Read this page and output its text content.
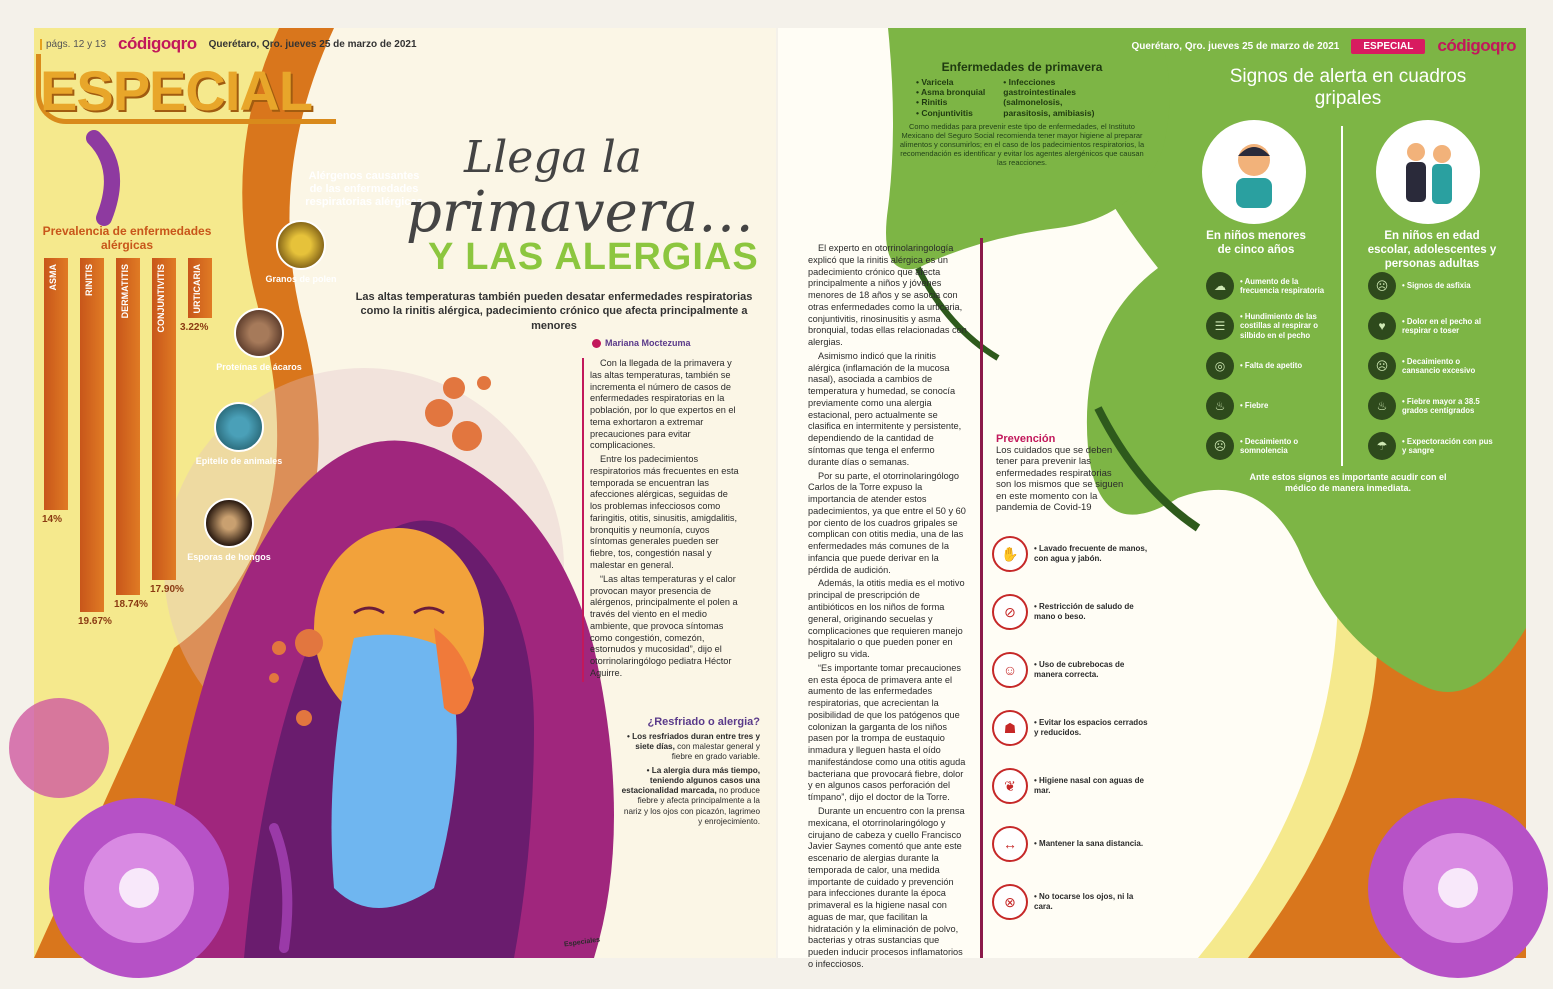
págs. 12 y 13 códigoqro Querétaro, Qro. jueves 25 de marzo de 2021
ESPECIAL
Prevalencia de enfermedades alérgicas
Alérgenos causantes de las enfermedades respiratorias alérgicas
Granos de polen
Proteínas de ácaros
Epitelio de animales
Esporas de hongos
Llega la
primavera…
Y LAS ALERGIAS
Las altas temperaturas también pueden desatar enfermedades respiratorias como la rinitis alérgica, padecimiento crónico que afecta principalmente a menores
Mariana Moctezuma

Con la llegada de la primavera y las altas temperaturas, también se incrementa el número de casos de enfermedades respiratorias en la población, por lo que expertos en el tema exhortaron a extremar precauciones para evitar complicaciones.

Entre los padecimientos respiratorios más frecuentes en esta temporada se encuentran las afecciones alérgicas, seguidas de los problemas infecciosos como faringitis, otitis, sinusitis, amigdalitis, bronquitis y neumonía, cuyos síntomas generales pueden ser fiebre, tos, congestión nasal y malestar en general.

“Las altas temperaturas y el calor provocan mayor presencia de alérgenos, principalmente el polen a través del viento en el medio ambiente, que provoca síntomas como congestión, comezón, estornudos y mucosidad”, dijo el otorrinolaringólogo pediatra Héctor Aguirre.

¿Resfriado o alergia?
• Los resfriados duran entre tres y siete días, con malestar general y fiebre en grado variable.
• La alergia dura más tiempo, teniendo algunos casos una estacionalidad marcada, no produce fiebre y afecta principalmente a la nariz y los ojos con picazón, lagrimeo y enrojecimiento.
Especiales
ASMA
14%
RINITIS
19.67%
DERMATITIS
18.74%
CONJUNTIVITIS
17.90%
URTICARIA
3.22%
Querétaro, Qro. jueves 25 de marzo de 2021	ESPECIAL	códigoqro
Enfermedades de primavera
• Varicela
• Asma bronquial
• Rinitis
• Conjuntivitis
• Infecciones gastrointestinales (salmonelosis, parasitosis, amibiasis)
Como medidas para prevenir este tipo de enfermedades, el Instituto Mexicano del Seguro Social recomienda tener mayor higiene al preparar alimentos y consumirlos; en el caso de los padecimientos respiratorios, la recomendación es identificar y evitar los agentes alergénicos que causan las reacciones.

El experto en otorrinolaringología explicó que la rinitis alérgica es un padecimiento crónico que afecta principalmente a niños y jóvenes menores de 18 años y se asocia con otras enfermedades como la urticaria, conjuntivitis, rinosinusitis y asma bronquial, todas ellas relacionadas con alergias.

Asimismo indicó que la rinitis alérgica (inflamación de la mucosa nasal), asociada a cambios de temperatura y humedad, se conocía previamente como una alergia estacional, pero actualmente se clasifica en intermitente y persistente, dependiendo de la cantidad de síntomas que tenga el enfermo durante días o semanas.

Por su parte, el otorrinolaringólogo Carlos de la Torre expuso la importancia de atender estos padecimientos, ya que entre el 50 y 60 por ciento de los cuadros gripales se complican con otitis media, una de las enfermedades más comunes de la infancia que puede derivar en la pérdida de audición.

Además, la otitis media es el motivo principal de prescripción de antibióticos en los niños de forma general, originando secuelas y complicaciones que requieren manejo hospitalario o que pueden poner en peligro su vida.

“Es importante tomar precauciones en esta época de primavera ante el aumento de las enfermedades respiratorias, que acrecientan la posibilidad de que los patógenos que colonizan la garganta de los niños pasen por la trompa de eustaquio inmadura y lleguen hasta el oído manifestándose como una otitis aguda bacteriana que provocará fiebre, dolor y en algunos casos perforación del tímpano”, dijo el doctor de la Torre.

Durante un encuentro con la prensa mexicana, el otorrinolaringólogo y cirujano de cabeza y cuello Francisco Javier Saynes comentó que ante este escenario de alergias durante la temporada de calor, una medida importante de cuidado y prevención para infecciones durante la época primaveral es la higiene nasal con aguas de mar, que facilitan la hidratación y la eliminación de polvo, bacterias y otras sustancias que pueden inducir procesos inflamatorios o infecciosos.

Prevención

Los cuidados que se deben tener para prevenir las enfermedades respiratorias son los mismos que se siguen en este momento con la pandemia de Covid-19

Signos de alerta en cuadros gripales
En niños menores de cinco años
En niños en edad escolar, adolescentes y personas adultas
Ante estos signos es importante acudir con el médico de manera inmediata.
✋	• Lavado frecuente de manos, con agua y jabón.
⊘	• Restricción de saludo de mano o beso.
☺	• Uso de cubrebocas de manera correcta.
☗	• Evitar los espacios cerrados y reducidos.
❦	• Higiene nasal con aguas de mar.
↔	• Mantener la sana distancia.
⊗	• No tocarse los ojos, ni la cara.
☁	• Aumento de la frecuencia respiratoria
☰
• Hundimiento de las costillas al respirar o silbido en el pecho
◎	• Falta de apetito
♨	• Fiebre
☹	• Decaimiento o somnolencia
☹	• Signos de asfixia
♥	• Dolor en el pecho al respirar o toser
☹	• Decaimiento o cansancio excesivo
♨	• Fiebre mayor a 38.5 grados centígrados
☂	• Expectoración con pus y sangre
